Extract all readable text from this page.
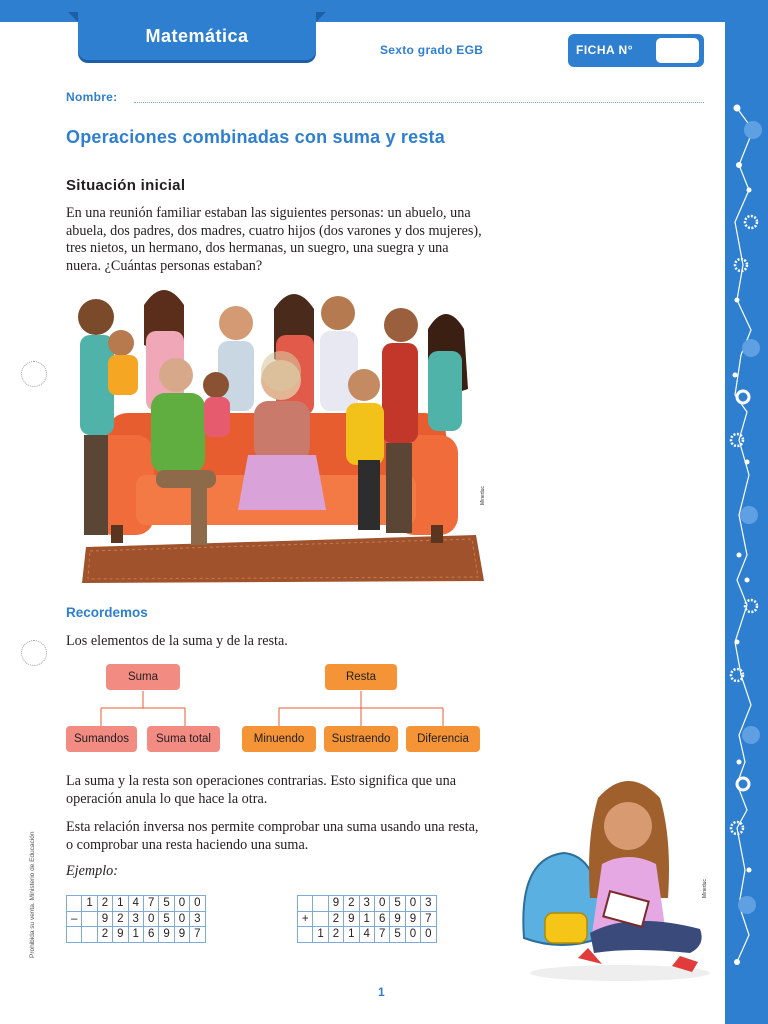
Matemática
Sexto grado EGB	FICHA N°
Nombre:
Operaciones combinadas con suma y resta
Situación inicial
En una reunión familiar estaban las siguientes personas: un abuelo, una abuela, dos padres, dos madres, cuatro hijos (dos varones y dos mujeres), tres nietos, un hermano, dos hermanas, un suegro, una suegra y una nuera. ¿Cuántas personas estaban?
Mineduc
Recordemos
Los elementos de la suma y de la resta.
Suma
Sumandos	Suma total
Resta
Minuendo	Sustraendo	Diferencia
La suma y la resta son operaciones contrarias. Esto significa que una operación anula lo que hace la otra.
Esta relación inversa nos permite comprobar una suma usando una resta, o comprobar una resta haciendo una suma.
Ejemplo:
	1	2	1	4	7	5	0	0
–		9	2	3	0	5	0	3
		2	9	1	6	9	9	7
		9	2	3	0	5	0	3
+		2	9	1	6	9	9	7
	1	2	1	4	7	5	0	0
Mineduc
Prohibida su venta. Ministerio de Educación
1
